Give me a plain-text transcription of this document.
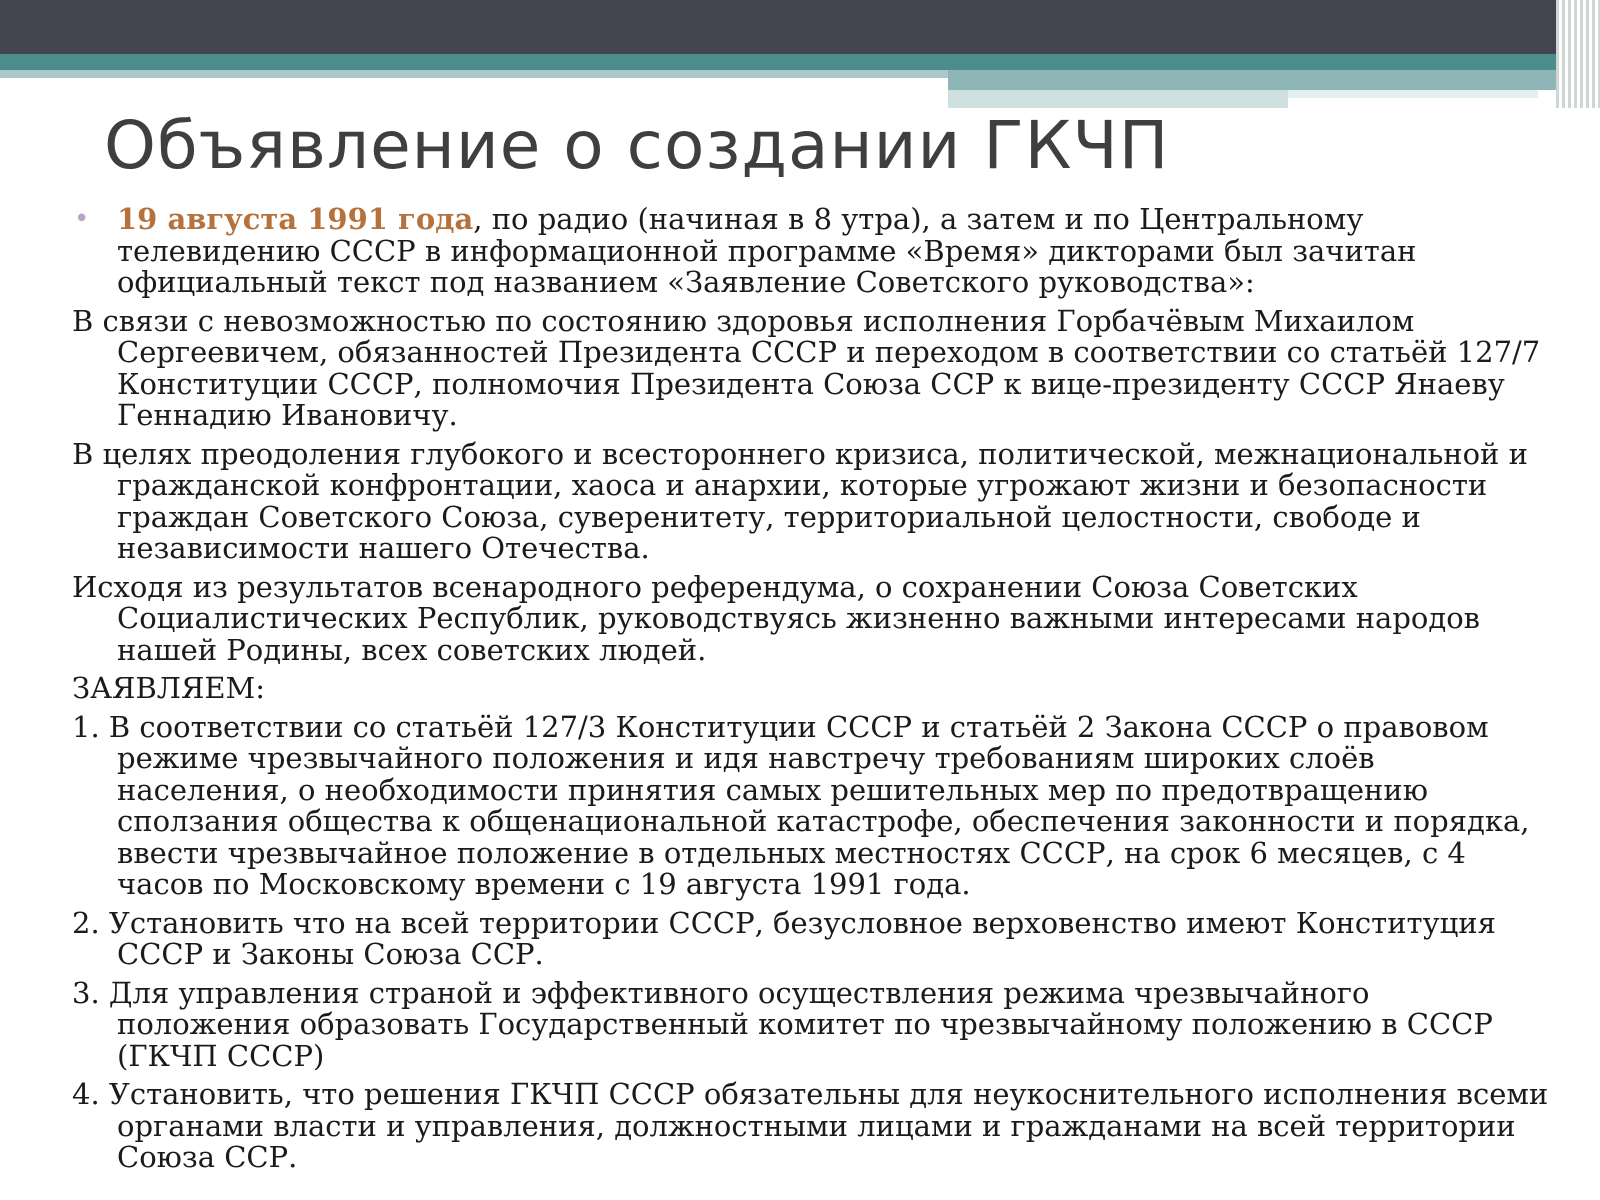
Объявление о создании ГКЧП

• 19 августа 1991 года, по радио (начиная в 8 утра), а затем и по Центральному телевидению СССР в информационной программе «Время» дикторами был зачитан официальный текст под названием «Заявление Советского руководства»:

В связи с невозможностью по состоянию здоровья исполнения Горбачёвым Михаилом Сергеевичем, обязанностей Президента СССР и переходом в соответствии со статьёй 127/7 Конституции СССР, полномочия Президента Союза ССР к вице-президенту СССР Янаеву Геннадию Ивановичу.

В целях преодоления глубокого и всестороннего кризиса, политической, межнациональной и гражданской конфронтации, хаоса и анархии, которые угрожают жизни и безопасности граждан Советского Союза, суверенитету, территориальной целостности, свободе и независимости нашего Отечества.

Исходя из результатов всенародного референдума, о сохранении Союза Советских Социалистических Республик, руководствуясь жизненно важными интересами народов нашей Родины, всех советских людей.

ЗАЯВЛЯЕМ:

1. В соответствии со статьёй 127/3 Конституции СССР и статьёй 2 Закона СССР о правовом режиме чрезвычайного положения и идя навстречу требованиям широких слоёв населения, о необходимости принятия самых решительных мер по предотвращению сползания общества к общенациональной катастрофе, обеспечения законности и порядка, ввести чрезвычайное положение в отдельных местностях СССР, на срок 6 месяцев, с 4 часов по Московскому времени с 19 августа 1991 года.

2. Установить что на всей территории СССР, безусловное верховенство имеют Конституция СССР и Законы Союза ССР.

3. Для управления страной и эффективного осуществления режима чрезвычайного положения образовать Государственный комитет по чрезвычайному положению в СССР (ГКЧП СССР)

4. Установить, что решения ГКЧП СССР обязательны для неукоснительного исполнения всеми органами власти и управления, должностными лицами и гражданами на всей территории Союза ССР.
